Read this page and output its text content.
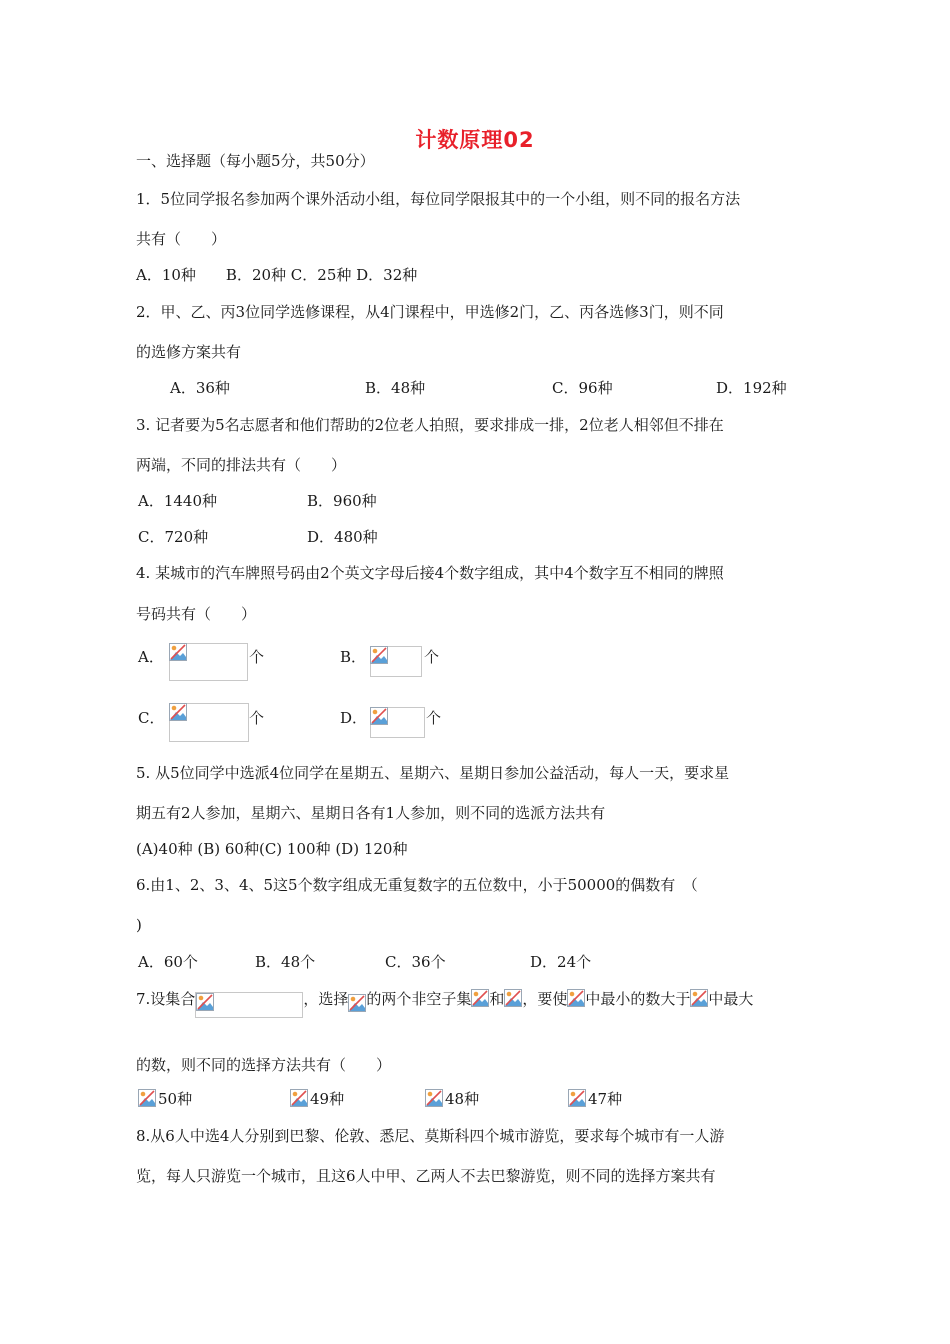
计数原理02
一、选择题（每小题5分，共50分）
1．5位同学报名参加两个课外活动小组，每位同学限报其中的一个小组，则不同的报名方法
共有（　　）
A．10种　　B．20种 C．25种 D．32种
2．甲、乙、丙3位同学选修课程，从4门课程中，甲选修2门，乙、丙各选修3门，则不同
的选修方案共有
A．36种	B．48种	C．96种	D．192种
3. 记者要为5名志愿者和他们帮助的2位老人拍照，要求排成一排，2位老人相邻但不排在
两端，不同的排法共有（　　）
A．1440种	B．960种
C．720种	D．480种
4. 某城市的汽车牌照号码由2个英文字母后接4个数字组成，其中4个数字互不相同的牌照
号码共有（　　）
A．	个	B．	个
C．	个	D．	个
5. 从5位同学中选派4位同学在星期五、星期六、星期日参加公益活动，每人一天，要求星
期五有2人参加，星期六、星期日各有1人参加，则不同的选派方法共有
(A)40种 (B) 60种(C) 100种 (D) 120种
6.由1、2、3、4、5这5个数字组成无重复数字的五位数中，小于50000的偶数有　（
)
A．60个	B．48个	C．36个	D．24个
7.设集合	，选择 的两个非空子集 和 ，要使 中最小的数大于 中最大
的数，则不同的选择方法共有（　　）
50种	49种	48种	47种
8.从6人中选4人分别到巴黎、伦敦、悉尼、莫斯科四个城市游览，要求每个城市有一人游
览，每人只游览一个城市，且这6人中甲、乙两人不去巴黎游览，则不同的选择方案共有
